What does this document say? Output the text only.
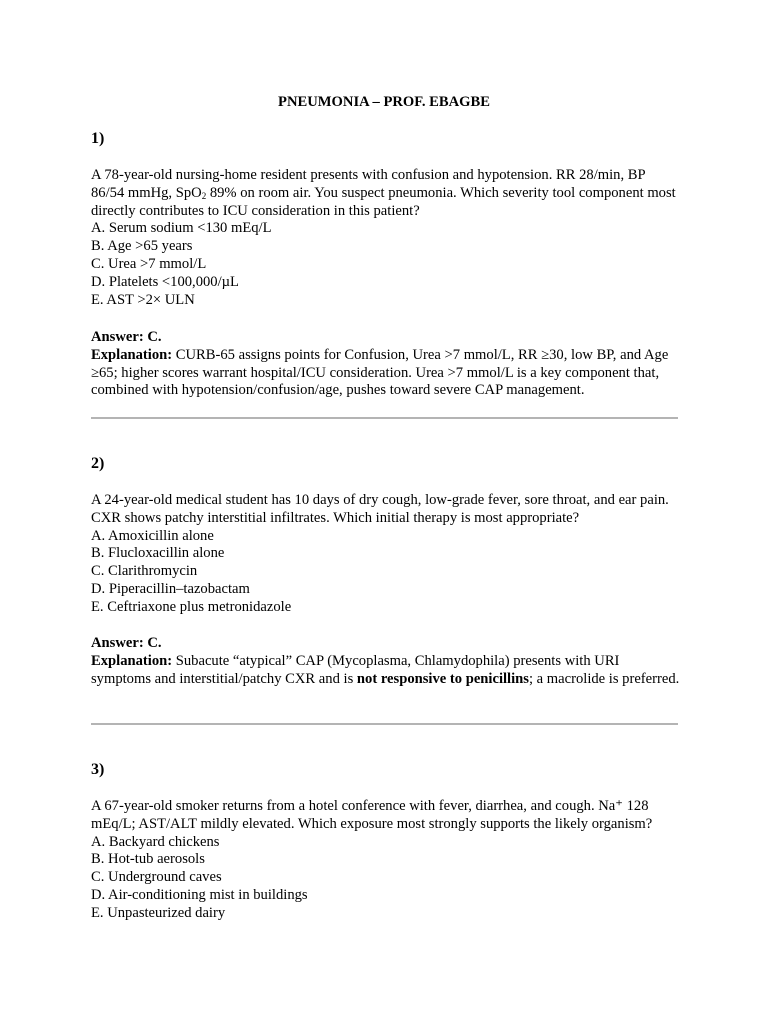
PNEUMONIA – PROF. EBAGBE
1)

A 78-year-old nursing-home resident presents with confusion and hypotension. RR 28/min, BP 86/54 mmHg, SpO$_2$ 89% on room air. You suspect pneumonia. Which severity tool component most directly contributes to ICU consideration in this patient?

A. Serum sodium <130 mEq/L
B. Age >65 years
C. Urea >7 mmol/L
D. Platelets <100,000/µL
E. AST >2× ULN

Answer: C.

Explanation: CURB-65 assigns points for Confusion, Urea >7 mmol/L, RR ≥30, low BP, and Age ≥65; higher scores warrant hospital/ICU consideration. Urea >7 mmol/L is a key component that, combined with hypotension/confusion/age, pushes toward severe CAP management.

2)

A 24-year-old medical student has 10 days of dry cough, low-grade fever, sore throat, and ear pain. CXR shows patchy interstitial infiltrates. Which initial therapy is most appropriate?

A. Amoxicillin alone
B. Flucloxacillin alone
C. Clarithromycin
D. Piperacillin–tazobactam
E. Ceftriaxone plus metronidazole

Answer: C.

Explanation: Subacute “atypical” CAP (Mycoplasma, Chlamydophila) presents with URI symptoms and interstitial/patchy CXR and is not responsive to penicillins; a macrolide is preferred.

3)

A 67-year-old smoker returns from a hotel conference with fever, diarrhea, and cough. Na⁺ 128 mEq/L; AST/ALT mildly elevated. Which exposure most strongly supports the likely organism?

A. Backyard chickens
B. Hot-tub aerosols
C. Underground caves
D. Air-conditioning mist in buildings
E. Unpasteurized dairy
